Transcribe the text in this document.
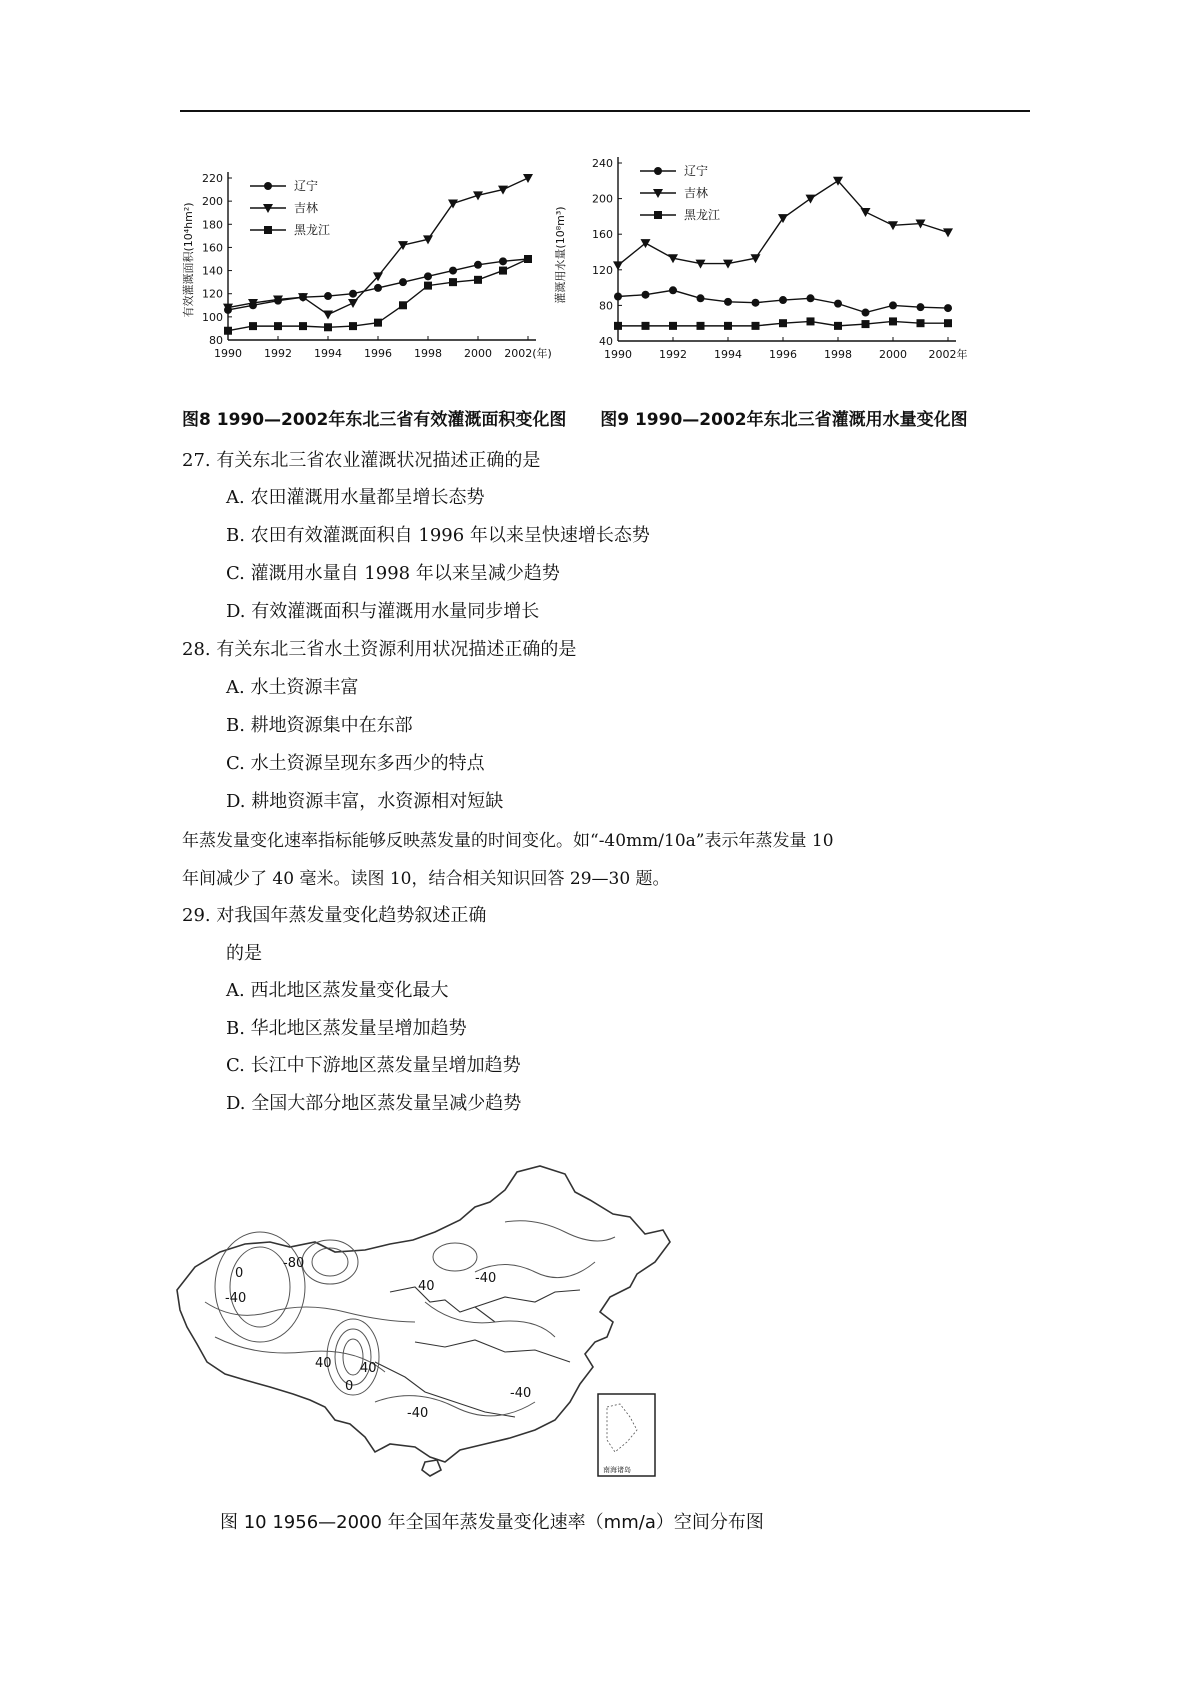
80
100
120
140
160
180
200
220
1990 1992 1994 1996 1998 2000 2002(年)
有效灌溉面积(10⁴hm²)
辽宁
吉林
黑龙江
40
80
120
160
200
240
1990 1992 1994 1996 1998 2000 2002年
灌溉用水量(10⁸m³)
辽宁
吉林
黑龙江
图8 1990—2002年东北三省有效灌溉面积变化图 图9 1990—2002年东北三省灌溉用水量变化图
27. 有关东北三省农业灌溉状况描述正确的是
A. 农田灌溉用水量都呈增长态势
B. 农田有效灌溉面积自 1996 年以来呈快速增长态势
C. 灌溉用水量自 1998 年以来呈减少趋势
D. 有效灌溉面积与灌溉用水量同步增长
28. 有关东北三省水土资源利用状况描述正确的是
A. 水土资源丰富
B. 耕地资源集中在东部
C. 水土资源呈现东多西少的特点
D. 耕地资源丰富，水资源相对短缺
年蒸发量变化速率指标能够反映蒸发量的时间变化。如“-40mm/10a”表示年蒸发量 10
年间减少了 40 毫米。读图 10，结合相关知识回答 29—30 题。
29. 对我国年蒸发量变化趋势叙述正确
的是
A. 西北地区蒸发量变化最大
B. 华北地区蒸发量呈增加趋势
C. 长江中下游地区蒸发量呈增加趋势
D. 全国大部分地区蒸发量呈减少趋势
0
-40
-80
40
-40
40
0
40
-40
-40
南海诸岛
图 10 1956—2000 年全国年蒸发量变化速率（mm/a）空间分布图
